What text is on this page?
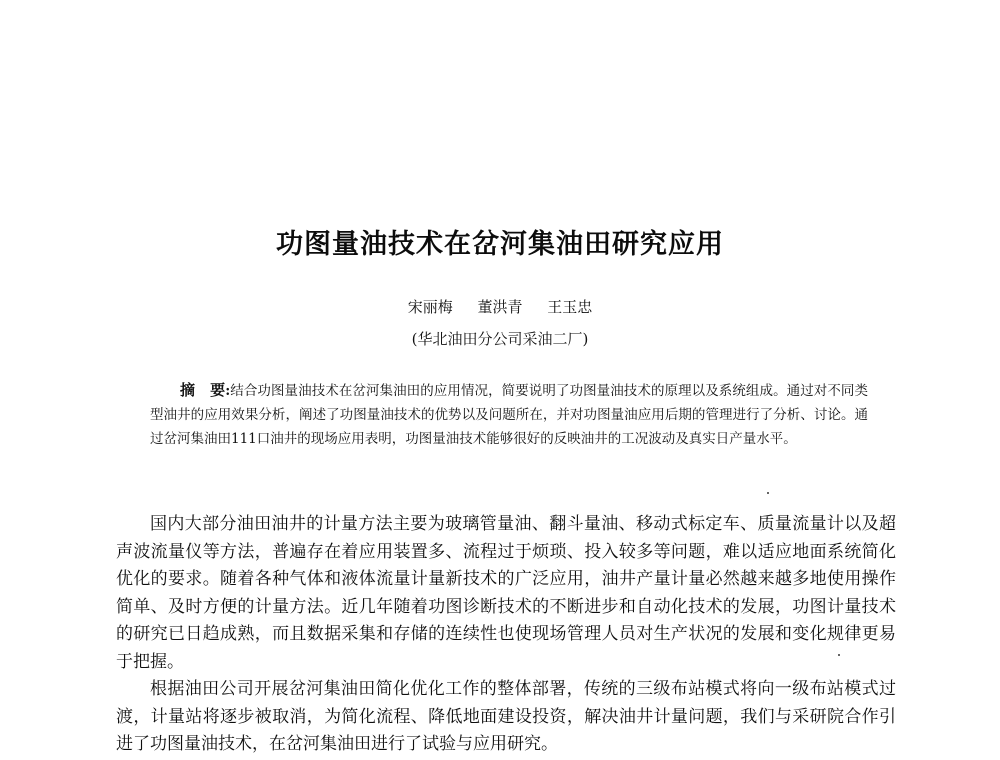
功图量油技术在岔河集油田研究应用
宋丽梅 董洪青 王玉忠
(华北油田分公司采油二厂)
摘　要:结合功图量油技术在岔河集油田的应用情况，简要说明了功图量油技术的原理以及系统组成。通过对不同类型油井的应用效果分析，阐述了功图量油技术的优势以及问题所在，并对功图量油应用后期的管理进行了分析、讨论。通过岔河集油田111口油井的现场应用表明，功图量油技术能够很好的反映油井的工况波动及真实日产量水平。

国内大部分油田油井的计量方法主要为玻璃管量油、翻斗量油、移动式标定车、质量流量计以及超声波流量仪等方法，普遍存在着应用装置多、流程过于烦琐、投入较多等问题，难以适应地面系统简化优化的要求。随着各种气体和液体流量计量新技术的广泛应用，油井产量计量必然越来越多地使用操作简单、及时方便的计量方法。近几年随着功图诊断技术的不断进步和自动化技术的发展，功图计量技术的研究已日趋成熟，而且数据采集和存储的连续性也使现场管理人员对生产状况的发展和变化规律更易于把握。

根据油田公司开展岔河集油田简化优化工作的整体部署，传统的三级布站模式将向一级布站模式过渡，计量站将逐步被取消，为简化流程、降低地面建设投资，解决油井计量问题，我们与采研院合作引进了功图量油技术，在岔河集油田进行了试验与应用研究。
